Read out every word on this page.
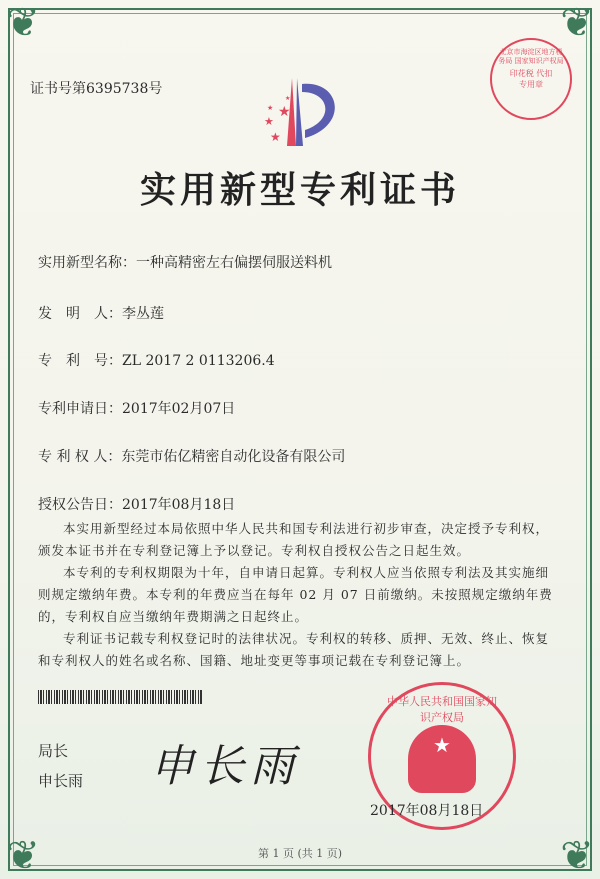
❦	❦
❦	❦
证书号第6395738号
★
★
★
★
★
北京市海淀区地方税务局 国家知识产权局
印花税 代扣专用章
实用新型专利证书
实用新型名称：一种高精密左右偏摆伺服送料机
发　明　人：李丛莲
专　利　号：ZL 2017 2 0113206.4
专利申请日：2017年02月07日
专 利 权 人：东莞市佑亿精密自动化设备有限公司
授权公告日：2017年08月18日

本实用新型经过本局依照中华人民共和国专利法进行初步审查，决定授予专利权，颁发本证书并在专利登记簿上予以登记。专利权自授权公告之日起生效。

本专利的专利权期限为十年，自申请日起算。专利权人应当依照专利法及其实施细则规定缴纳年费。本专利的年费应当在每年 02 月 07 日前缴纳。未按照规定缴纳年费的，专利权自应当缴纳年费期满之日起终止。

专利证书记载专利权登记时的法律状况。专利权的转移、质押、无效、终止、恢复和专利权人的姓名或名称、国籍、地址变更等事项记载在专利登记簿上。

局长
申长雨 申长雨
中华人民共和国国家知识产权局
★
2017年08月18日
第 1 页 (共 1 页)
